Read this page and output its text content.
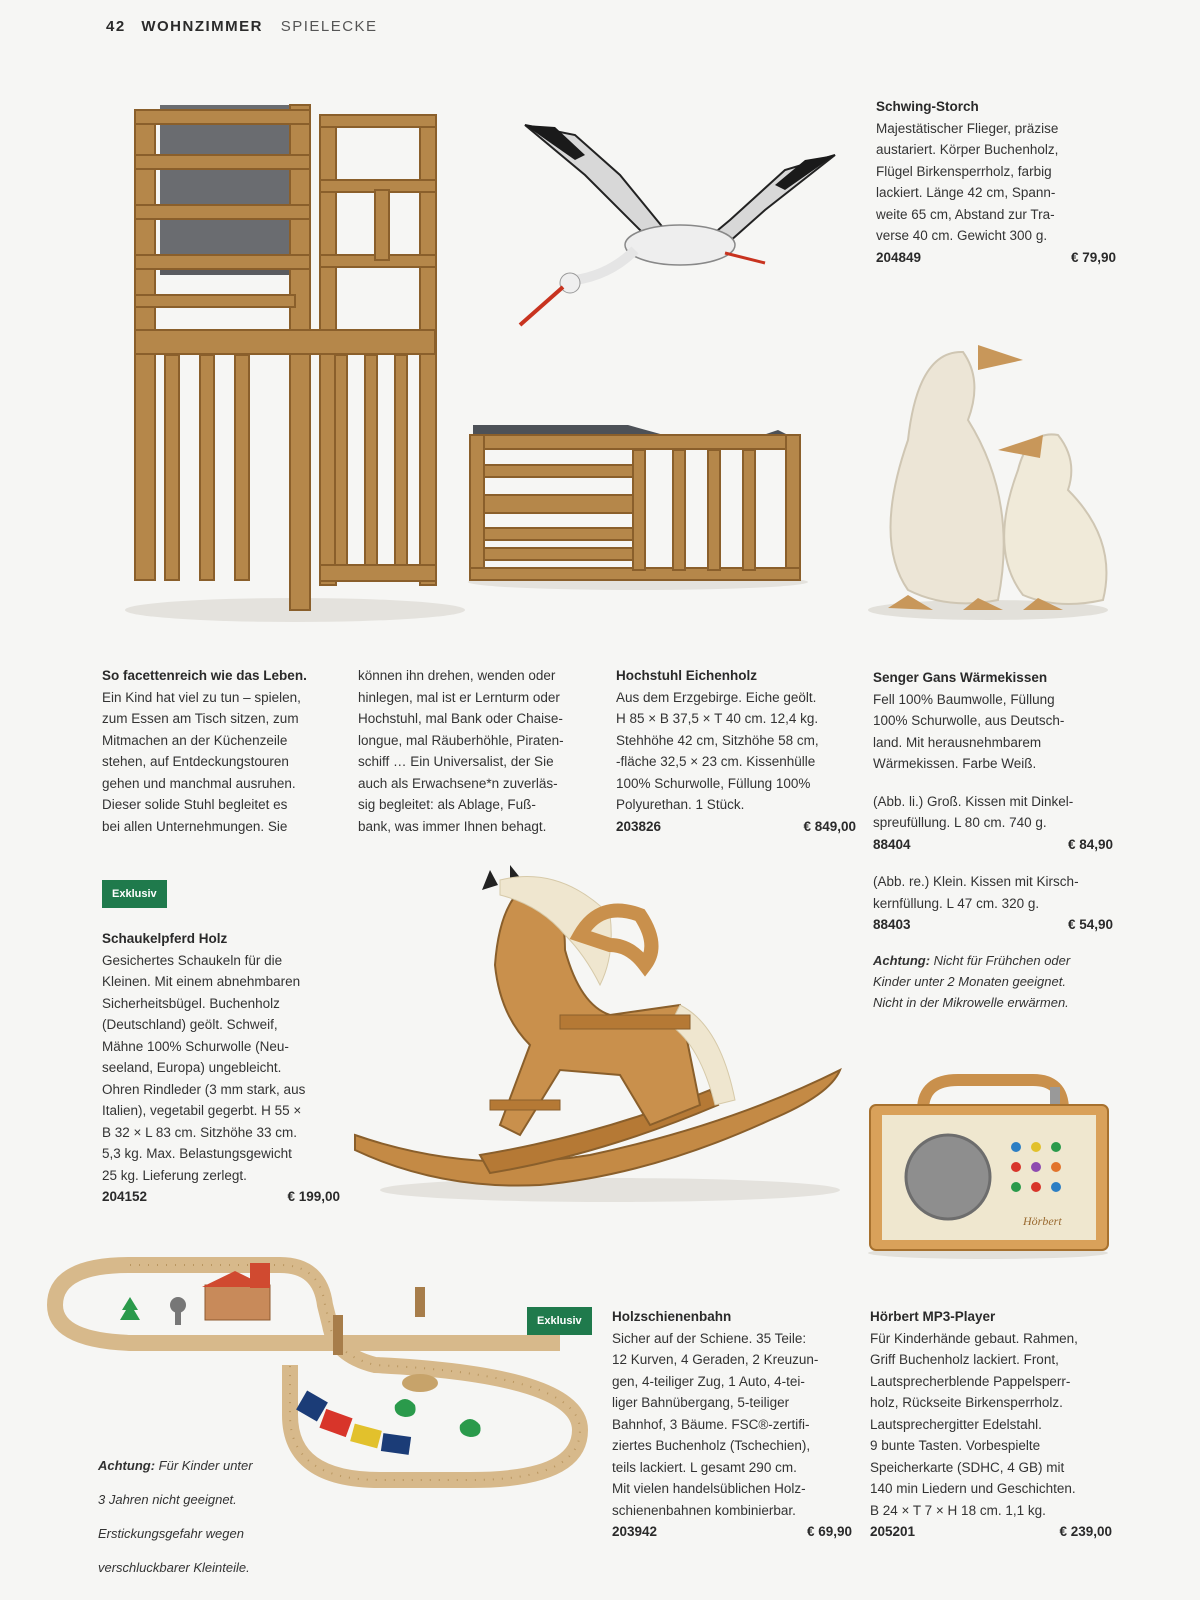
42 WOHNZIMMER SPIELECKE
Hörbert
Schwing-Storch

Majestätischer Flieger, präzise

austariert. Körper Buchenholz,

Flügel Birkensperrholz, farbig

lackiert. Länge 42 cm, Spann-

weite 65 cm, Abstand zur Tra-

verse 40 cm. Gewicht 300 g.

204849	€ 79,90
So facettenreich wie das Leben.

Ein Kind hat viel zu tun – spielen,

zum Essen am Tisch sitzen, zum

Mitmachen an der Küchenzeile

stehen, auf Entdeckungstouren

gehen und manchmal ausruhen.

Dieser solide Stuhl begleitet es

bei allen Unternehmungen. Sie

können ihn drehen, wenden oder

hinlegen, mal ist er Lernturm oder

Hochstuhl, mal Bank oder Chaise-

longue, mal Räuberhöhle, Piraten-

schiff … Ein Universalist, der Sie

auch als Erwachsene*n zuverläs-

sig begleitet: als Ablage, Fuß-

bank, was immer Ihnen behagt.

Hochstuhl Eichenholz

Aus dem Erzgebirge. Eiche geölt.

H 85 × B 37,5 × T 40 cm. 12,4 kg.

Stehhöhe 42 cm, Sitzhöhe 58 cm,

-fläche 32,5 × 23 cm. Kissenhülle

100% Schurwolle, Füllung 100%

Polyurethan. 1 Stück.

203826	€ 849,00
Senger Gans Wärmekissen

Fell 100% Baumwolle, Füllung

100% Schurwolle, aus Deutsch-

land. Mit herausnehmbarem

Wärmekissen. Farbe Weiß.

(Abb. li.) Groß. Kissen mit Dinkel-

spreufüllung. L 80 cm. 740 g.

88404	€ 84,90

(Abb. re.) Klein. Kissen mit Kirsch-

kernfüllung. L 47 cm. 320 g.

88403	€ 54,90
Achtung: Nicht für Frühchen oder

Kinder unter 2 Monaten geeignet.

Nicht in der Mikrowelle erwärmen.

Exklusiv
Schaukelpferd Holz

Gesichertes Schaukeln für die

Kleinen. Mit einem abnehmbaren

Sicherheitsbügel. Buchenholz

(Deutschland) geölt. Schweif,

Mähne 100% Schurwolle (Neu-

seeland, Europa) ungebleicht.

Ohren Rindleder (3 mm stark, aus

Italien), vegetabil gegerbt. H 55 ×

B 32 × L 83 cm. Sitzhöhe 33 cm.

5,3 kg. Max. Belastungsgewicht

25 kg. Lieferung zerlegt.

204152	€ 199,00
Achtung: Für Kinder unter

3 Jahren nicht geeignet.

Erstickungsgefahr wegen

verschluckbarer Kleinteile.

Exklusiv	Holzschienenbahn

Sicher auf der Schiene. 35 Teile:

12 Kurven, 4 Geraden, 2 Kreuzun-

gen, 4-teiliger Zug, 1 Auto, 4-tei-

liger Bahnübergang, 5-teiliger

Bahnhof, 3 Bäume. FSC®-zertifi-

ziertes Buchenholz (Tschechien),

teils lackiert. L gesamt 290 cm.

Mit vielen handelsüblichen Holz-

schienenbahnen kombinierbar.

203942	€ 69,90
Hörbert MP3-Player

Für Kinderhände gebaut. Rahmen,

Griff Buchenholz lackiert. Front,

Lautsprecherblende Pappelsperr-

holz, Rückseite Birkensperrholz.

Lautsprechergitter Edelstahl.

9 bunte Tasten. Vorbespielte

Speicherkarte (SDHC, 4 GB) mit

140 min Liedern und Geschichten.

B 24 × T 7 × H 18 cm. 1,1 kg.

205201	€ 239,00
